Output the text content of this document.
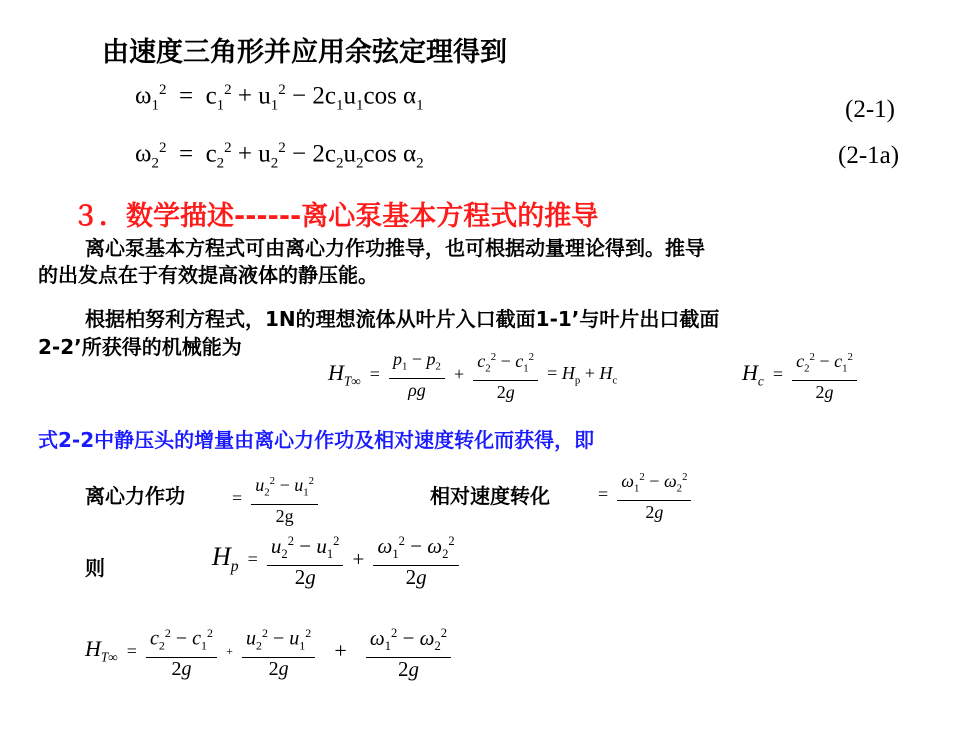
由速度三角形并应用余弦定理得到
$\omega_1^2 = c_1^2 + u_1^2 - 2c_1u_1\cos$ $\alpha_1$	(2-1)
$\omega_2^2 = c_2^2 + u_2^2 - 2c_2u_2\cos$ $\alpha_2$	(2-1a)
３．数学描述------离心泵基本方程式的推导
离心泵基本方程式可由离心力作功推导，也可根据动量理论得到。推导
的出发点在于有效提高液体的静压能。
根据柏努利方程式，1N的理想流体从叶片入口截面1-1’与叶片出口截面
2-2’所获得的机械能为
$H_{T\infty} = \frac{p_1 - p_2}{\rho g} + \frac{c_2^2 - c_1^2}{2g} = H_p + H_c$	$H_c = \frac{c_2^2 - c_1^2}{2g}$
式2-2中静压头的增量由离心力作功及相对速度转化而获得，即
离心力作功	= $\frac{u_2^2 - u_1^2}{2g}$	相对速度转化	= $\frac{\omega_1^2 - \omega_2^2}{2g}$
则	$H_p = \frac{u_2^2 - u_1^2}{2g} + \frac{\omega_1^2 - \omega_2^2}{2g}$
$H_{T\infty} = \frac{c_2^2 - c_1^2}{2g} + \frac{u_2^2 - u_1^2}{2g} + \frac{\omega_1^2 - \omega_2^2}{2g}$
